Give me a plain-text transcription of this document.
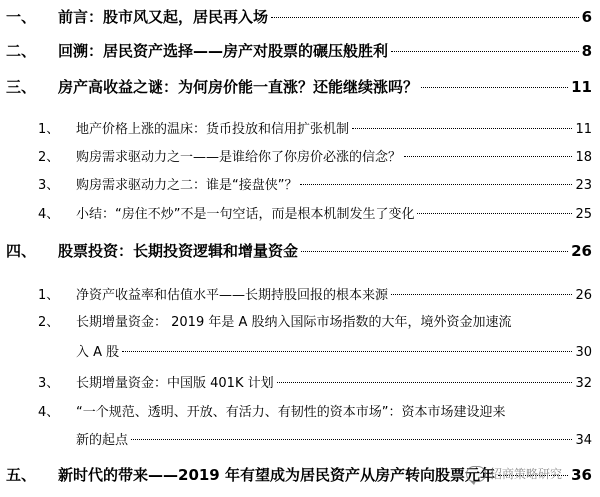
一、	前言：股市风又起，居民再入场	6
二、	回溯：居民资产选择——房产对股票的碾压般胜利	8
三、	房产高收益之谜：为何房价能一直涨？还能继续涨吗？	11
1、	地产价格上涨的温床：货币投放和信用扩张机制	11
2、	购房需求驱动力之一——是谁给你了你房价必涨的信念？	18
3、	购房需求驱动力之二：谁是“接盘侠”？	23
4、	小结：“房住不炒”不是一句空话，而是根本机制发生了变化	25
四、	股票投资：长期投资逻辑和增量资金	26
1、	净资产收益率和估值水平——长期持股回报的根本来源	26
2、	长期增量资金： 2019 年是 A 股纳入国际市场指数的大年，境外资金加速流
入 A 股	30
3、	长期增量资金：中国版 401K 计划	32
4、	“一个规范、透明、开放、有活力、有韧性的资本市场”：资本市场建设迎来
新的起点	34
五、	新时代的带来——2019 年有望成为居民资产从房产转向股票元年	36
招商策略研究
